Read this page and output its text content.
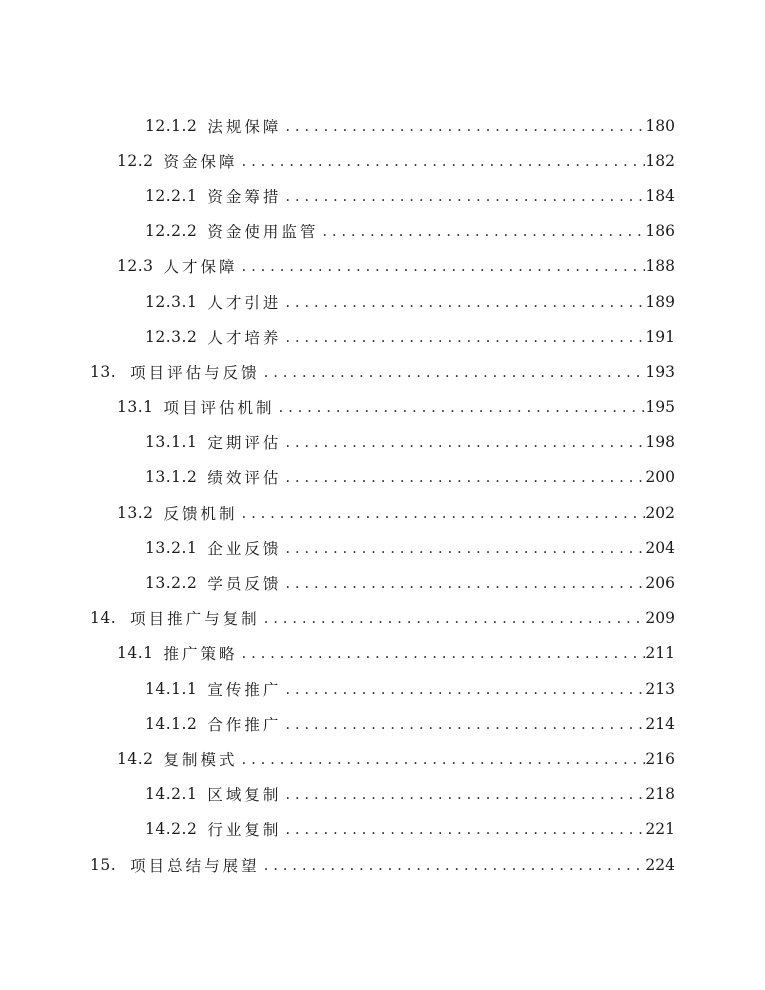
12.1.2 法规保障 . . .	180
12.2 资金保障 . . .	182
12.2.1 资金筹措 . . .	184
12.2.2 资金使用监管 . . .	186
12.3 人才保障 . . .	188
12.3.1 人才引进 . . .	189
12.3.2 人才培养 . . .	191
13. 项目评估与反馈 . . .	193
13.1 项目评估机制 . . .	195
13.1.1 定期评估 . . .	198
13.1.2 绩效评估 . . .	200
13.2 反馈机制 . . .	202
13.2.1 企业反馈 . . .	204
13.2.2 学员反馈 . . .	206
14. 项目推广与复制 . . .	209
14.1 推广策略 . . .	211
14.1.1 宣传推广 . . .	213
14.1.2 合作推广 . . .	214
14.2 复制模式 . . .	216
14.2.1 区域复制 . . .	218
14.2.2 行业复制 . . .	221
15. 项目总结与展望 . . .	224
